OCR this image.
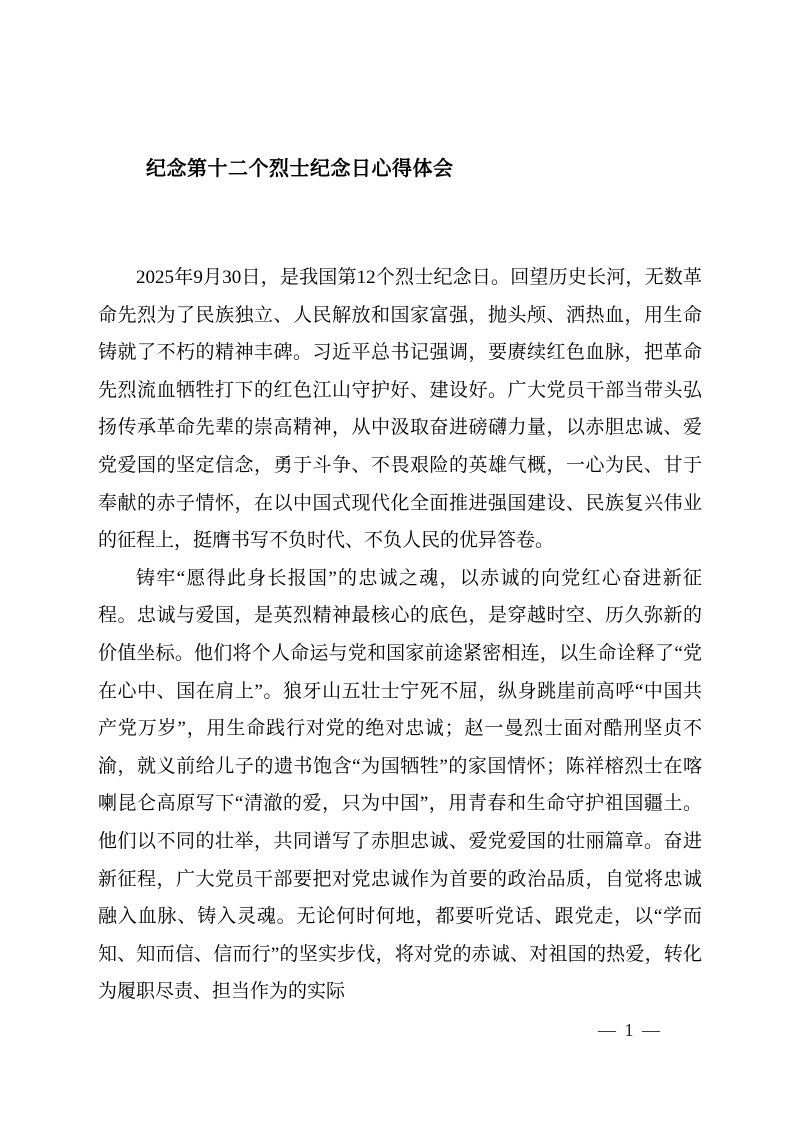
纪念第十二个烈士纪念日心得体会

2025年9月30日，是我国第12个烈士纪念日。回望历史长河，无数革命先烈为了民族独立、人民解放和国家富强，抛头颅、洒热血，用生命铸就了不朽的精神丰碑。习近平总书记强调，要赓续红色血脉，把革命先烈流血牺牲打下的红色江山守护好、建设好。广大党员干部当带头弘扬传承革命先辈的崇高精神，从中汲取奋进磅礴力量，以赤胆忠诚、爱党爱国的坚定信念，勇于斗争、不畏艰险的英雄气概，一心为民、甘于奉献的赤子情怀，在以中国式现代化全面推进强国建设、民族复兴伟业的征程上，挺膺书写不负时代、不负人民的优异答卷。

铸牢“愿得此身长报国”的忠诚之魂，以赤诚的向党红心奋进新征程。忠诚与爱国，是英烈精神最核心的底色，是穿越时空、历久弥新的价值坐标。他们将个人命运与党和国家前途紧密相连，以生命诠释了“党在心中、国在肩上”。狼牙山五壮士宁死不屈，纵身跳崖前高呼“中国共产党万岁”，用生命践行对党的绝对忠诚；赵一曼烈士面对酷刑坚贞不渝，就义前给儿子的遗书饱含“为国牺牲”的家国情怀；陈祥榕烈士在喀喇昆仑高原写下“清澈的爱，只为中国”，用青春和生命守护祖国疆土。他们以不同的壮举，共同谱写了赤胆忠诚、爱党爱国的壮丽篇章。奋进新征程，广大党员干部要把对党忠诚作为首要的政治品质，自觉将忠诚融入血脉、铸入灵魂。无论何时何地，都要听党话、跟党走，以“学而知、知而信、信而行”的坚实步伐，将对党的赤诚、对祖国的热爱，转化为履职尽责、担当作为的实际

— 1 —
